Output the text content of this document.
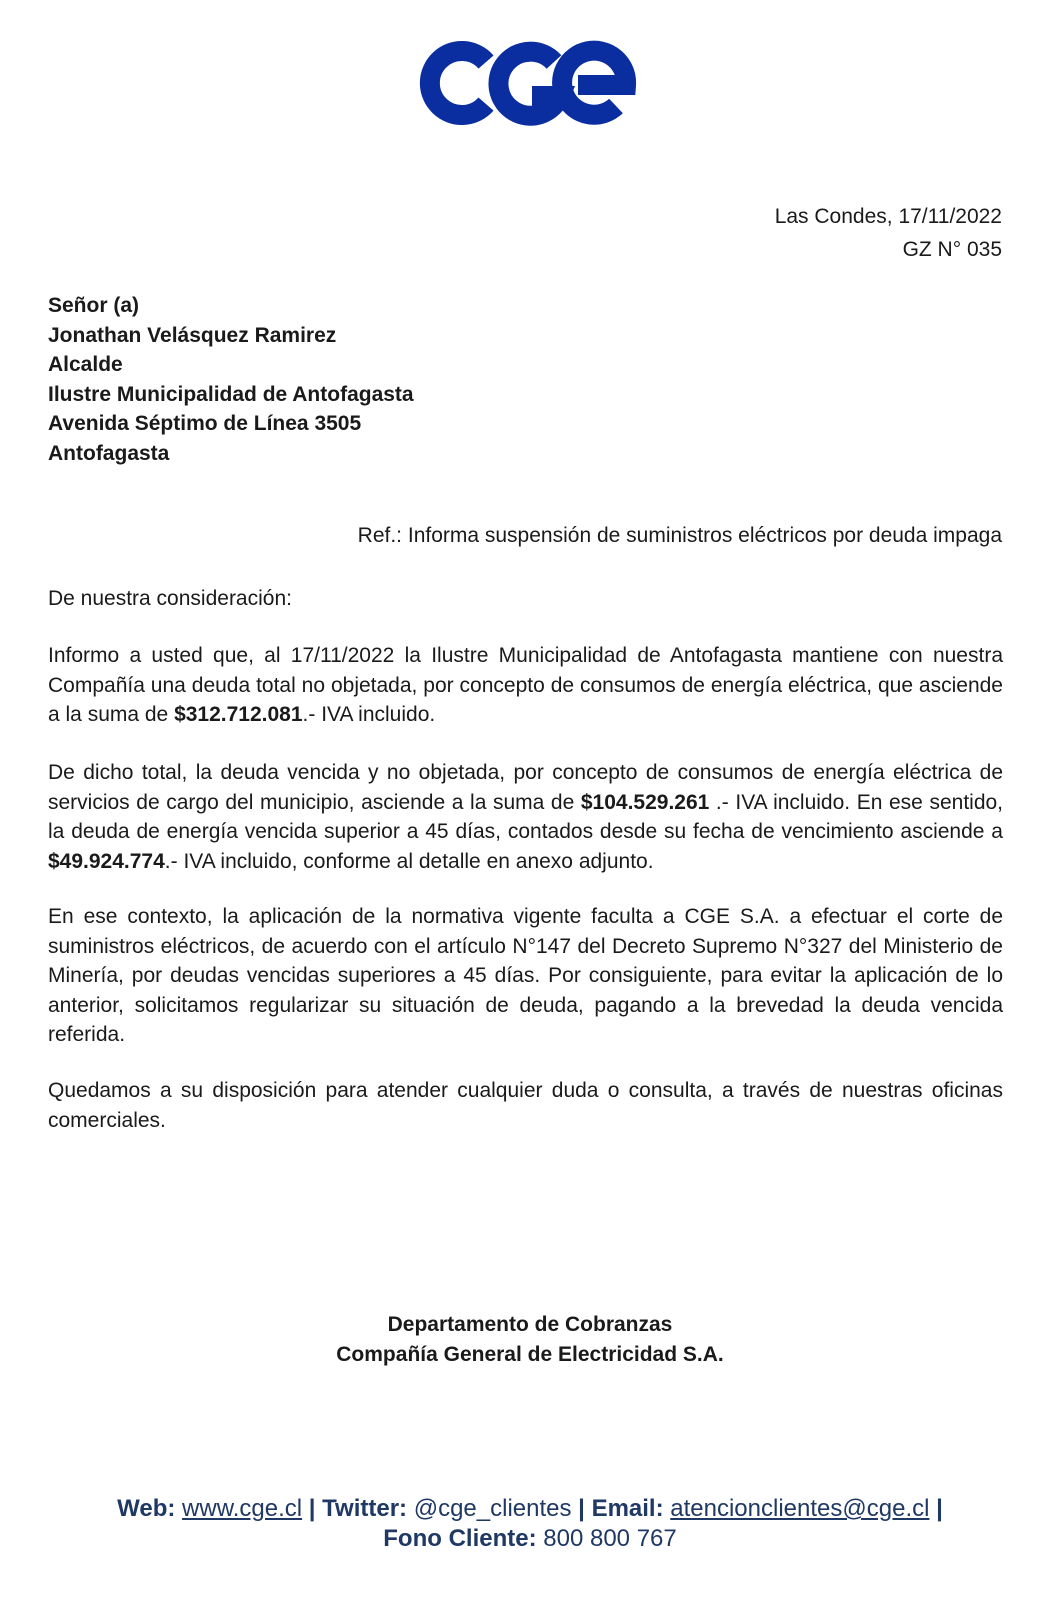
Las Condes, 17/11/2022
GZ N° 035
Señor (a)
Jonathan Velásquez Ramirez
Alcalde
Ilustre Municipalidad de Antofagasta
Avenida Séptimo de Línea 3505
Antofagasta
Ref.: Informa suspensión de suministros eléctricos por deuda impaga
De nuestra consideración:

Informo a usted que, al 17/11/2022 la Ilustre Municipalidad de Antofagasta mantiene con nuestra Compañía una deuda total no objetada, por concepto de consumos de energía eléctrica, que asciende a la suma de $312.712.081.- IVA incluido.

De dicho total, la deuda vencida y no objetada, por concepto de consumos de energía eléctrica de servicios de cargo del municipio, asciende a la suma de $104.529.261 .- IVA incluido. En ese sentido, la deuda de energía vencida superior a 45 días, contados desde su fecha de vencimiento asciende a $49.924.774.- IVA incluido, conforme al detalle en anexo adjunto.

En ese contexto, la aplicación de la normativa vigente faculta a CGE S.A. a efectuar el corte de suministros eléctricos, de acuerdo con el artículo N°147 del Decreto Supremo N°327 del Ministerio de Minería, por deudas vencidas superiores a 45 días. Por consiguiente, para evitar la aplicación de lo anterior, solicitamos regularizar su situación de deuda, pagando a la brevedad la deuda vencida referida.

Quedamos a su disposición para atender cualquier duda o consulta, a través de nuestras oficinas comerciales.

Departamento de Cobranzas
Compañía General de Electricidad S.A.
Web: www.cge.cl | Twitter: @cge_clientes | Email: atencionclientes@cge.cl |
Fono Cliente: 800 800 767
